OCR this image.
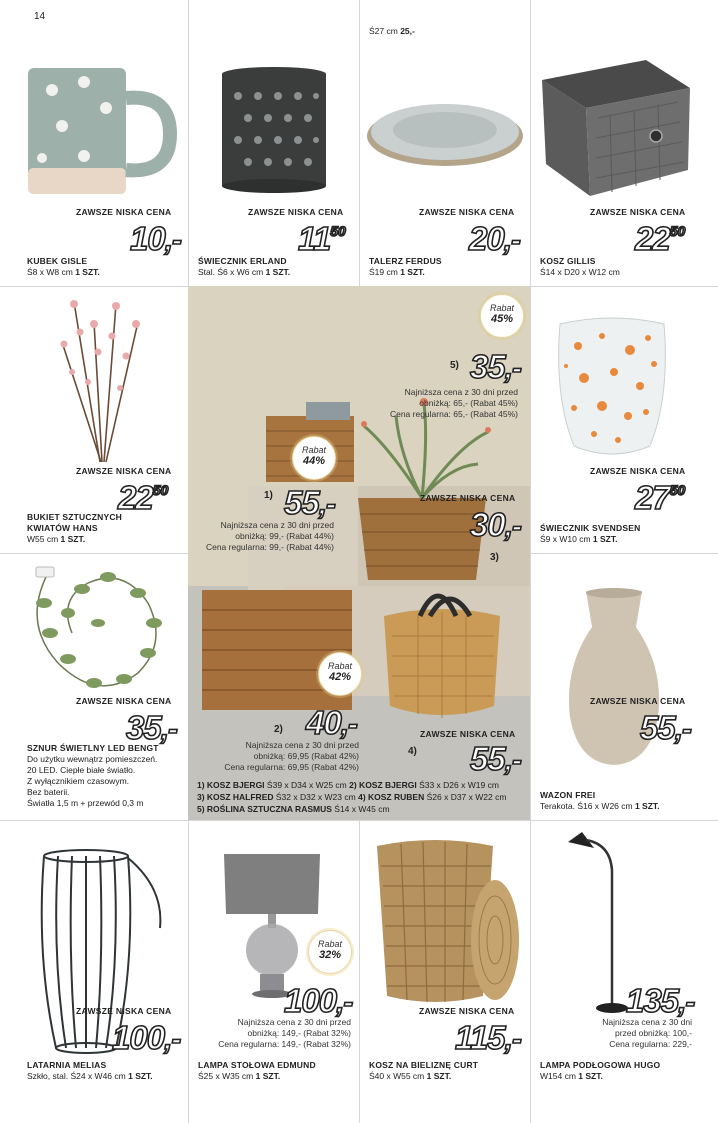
14
ZAWSZE NISKA CENA
10,-
KUBEK GISLE
Ś8 x W8 cm 1 SZT.
ZAWSZE NISKA CENA
1150
ŚWIECZNIK ERLAND
Stal. Ś6 x W6 cm 1 SZT.
Ś27 cm 25,-
ZAWSZE NISKA CENA
20,-
TALERZ FERDUS
Ś19 cm 1 SZT.
ZAWSZE NISKA CENA
2250
KOSZ GILLIS
Ś14 x D20 x W12 cm
ZAWSZE NISKA CENA
2250
BUKIET SZTUCZNYCH
KWIATÓW HANS
W55 cm 1 SZT.
ZAWSZE NISKA CENA
2750
ŚWIECZNIK SVENDSEN
Ś9 x W10 cm 1 SZT.
Rabat
45%
5) 35,-
Najniższa cena z 30 dni przed
obniżką: 65,- (Rabat 45%)
Cena regularna: 65,- (Rabat 45%)
Rabat
44%
1) 55,-
Najniższa cena z 30 dni przed
obniżką: 99,- (Rabat 44%)
Cena regularna: 99,- (Rabat 44%)
ZAWSZE NISKA CENA
30,-
3)
Rabat
42%
2) 40,-
Najniższa cena z 30 dni przed
obniżką: 69,95 (Rabat 42%)
Cena regularna: 69,95 (Rabat 42%)
ZAWSZE NISKA CENA
4) 55,-
1) KOSZ BJERGI Ś39 x D34 x W25 cm 2) KOSZ BJERGI Ś33 x D26 x W19 cm
3) KOSZ HALFRED Ś32 x D32 x W23 cm 4) KOSZ RUBEN Ś26 x D37 x W22 cm
5) ROŚLINA SZTUCZNA RASMUS Ś14 x W45 cm
ZAWSZE NISKA CENA
35,-
SZNUR ŚWIETLNY LED BENGT
Do użytku wewnątrz pomieszczeń.
20 LED. Ciepłe białe światło.
Z wyłącznikiem czasowym.
Bez baterii.
Światła 1,5 m + przewód 0,3 m
ZAWSZE NISKA CENA
55,-
WAZON FREI
Terakota. Ś16 x W26 cm 1 SZT.
ZAWSZE NISKA CENA
100,-
LATARNIA MELIAS
Szkło, stal. Ś24 x W46 cm 1 SZT.
Rabat
32%
100,-
Najniższa cena z 30 dni przed
obniżką: 149,- (Rabat 32%)
Cena regularna: 149,- (Rabat 32%)
LAMPA STOŁOWA EDMUND
Ś25 x W35 cm 1 SZT.
ZAWSZE NISKA CENA
115,-
KOSZ NA BIELIZNĘ CURT
Ś40 x W55 cm 1 SZT.
135,-
Najniższa cena z 30 dni
przed obniżką: 100,-
Cena regularna: 229,-
LAMPA PODŁOGOWA HUGO
W154 cm 1 SZT.
